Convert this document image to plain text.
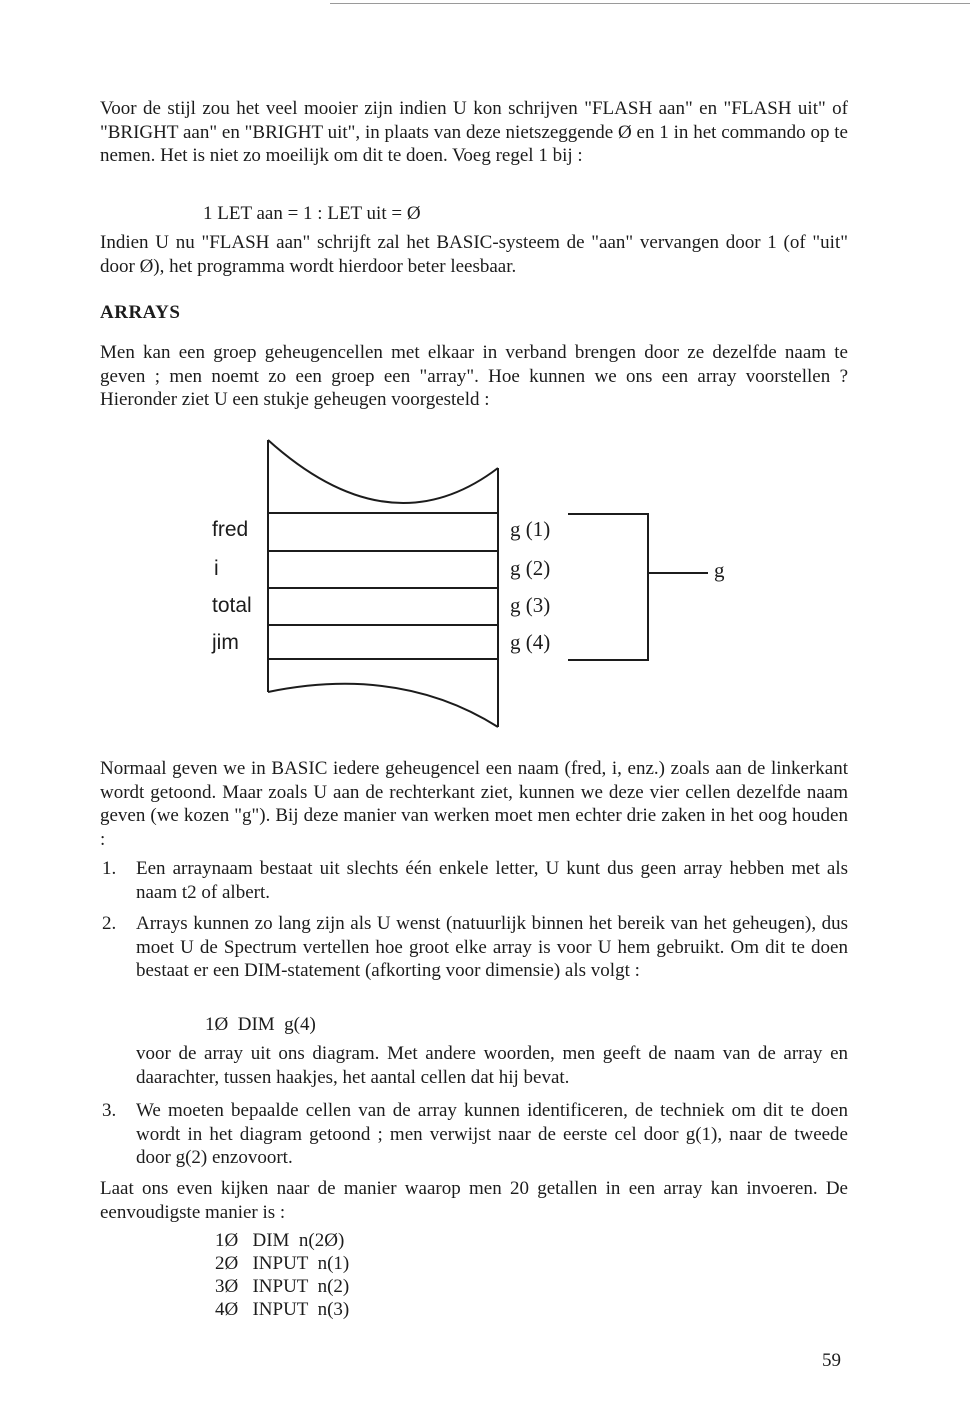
Voor de stijl zou het veel mooier zijn indien U kon schrijven "FLASH aan" en "FLASH uit" of "BRIGHT aan" en "BRIGHT uit", in plaats van deze nietszeggende Ø en 1 in het commando op te nemen. Het is niet zo moeilijk om dit te doen. Voeg regel 1 bij :

1 LET aan = 1 : LET uit = Ø

Indien U nu "FLASH aan" schrijft zal het BASIC-systeem de "aan" vervangen door 1 (of "uit" door Ø), het programma wordt hierdoor beter leesbaar.

ARRAYS

Men kan een groep geheugencellen met elkaar in verband brengen door ze dezelfde naam te geven ; men noemt zo een groep een "array". Hoe kunnen we ons een array voorstellen ? Hieronder ziet U een stukje geheugen voorgesteld :

fred
i
total
jim
g (1)
g (2)
g (3)
g (4)
g

Normaal geven we in BASIC iedere geheugencel een naam (fred, i, enz.) zoals aan de linkerkant wordt getoond. Maar zoals U aan de rechterkant ziet, kunnen we deze vier cellen dezelfde naam geven (we kozen "g"). Bij deze manier van werken moet men echter drie zaken in het oog houden :

1. Een arraynaam bestaat uit slechts één enkele letter, U kunt dus geen array hebben met als naam t2 of albert.

2. Arrays kunnen zo lang zijn als U wenst (natuurlijk binnen het bereik van het geheugen), dus moet U de Spectrum vertellen hoe groot elke array is voor U hem gebruikt. Om dit te doen bestaat er een DIM-statement (afkorting voor dimensie) als volgt :

1Ø  DIM  g(4)

voor de array uit ons diagram. Met andere woorden, men geeft de naam van de array en daarachter, tussen haakjes, het aantal cellen dat hij bevat.

3. We moeten bepaalde cellen van de array kunnen identificeren, de techniek om dit te doen wordt in het diagram getoond ; men verwijst naar de eerste cel door g(1), naar de tweede door g(2) enzovoort.

Laat ons even kijken naar de manier waarop men 20 getallen in een array kan invoeren. De eenvoudigste manier is :

1Ø   DIM  n(2Ø)
2Ø   INPUT  n(1)
3Ø   INPUT  n(2)
4Ø   INPUT  n(3)
59
